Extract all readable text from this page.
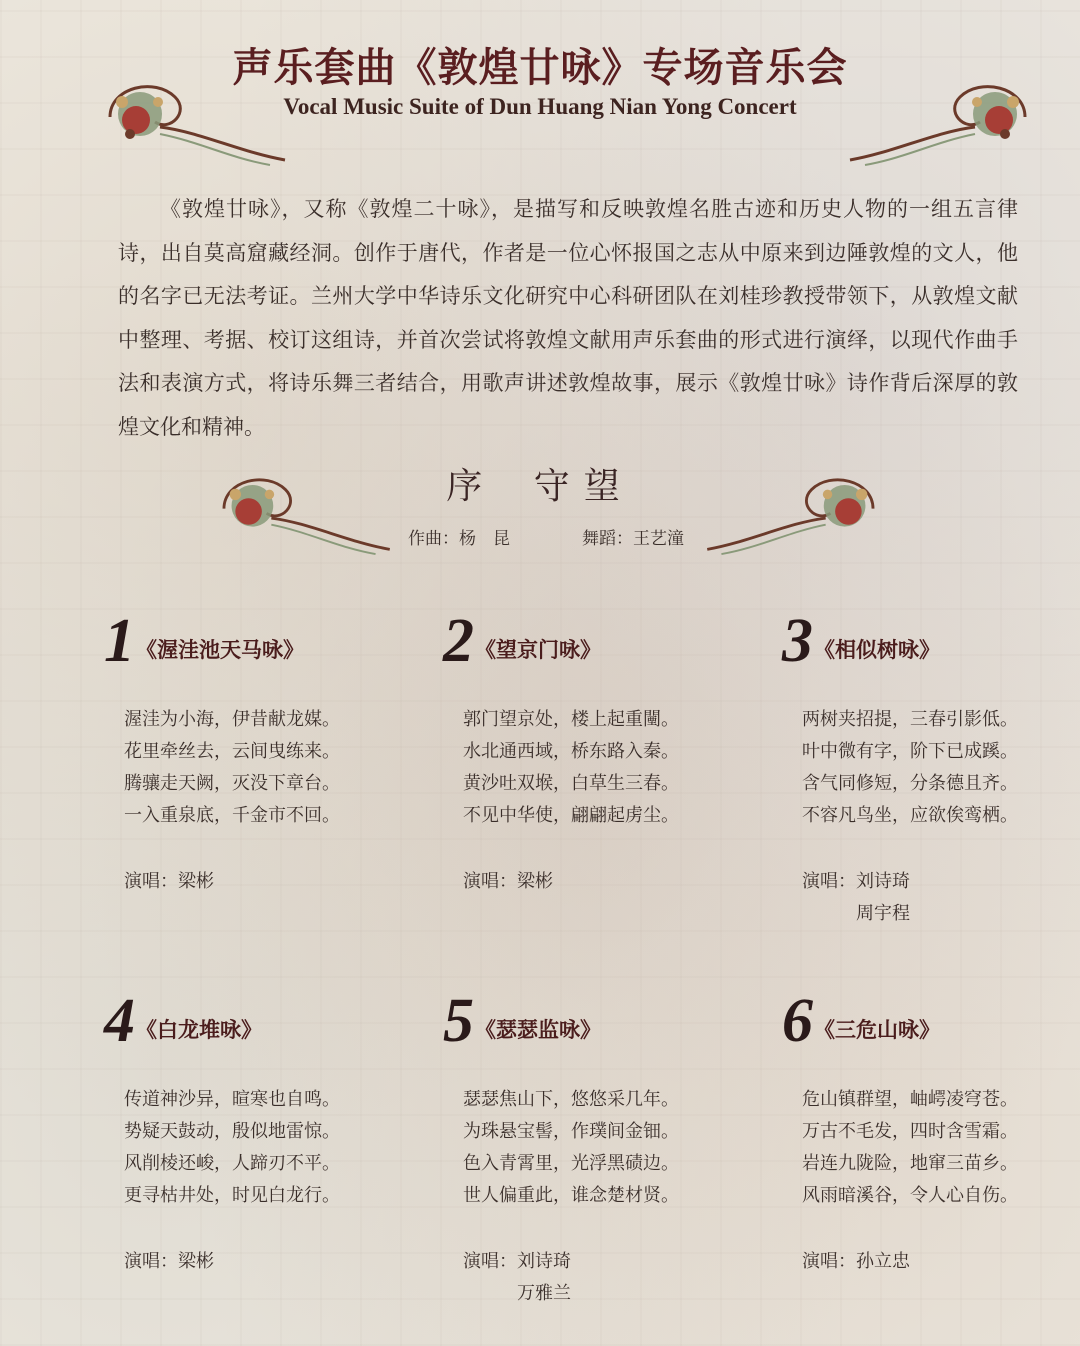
声乐套曲《敦煌廿咏》专场音乐会
Vocal Music Suite of Dun Huang Nian Yong Concert

《敦煌廿咏》，又称《敦煌二十咏》，是描写和反映敦煌名胜古迹和历史人物的一组五言律诗，出自莫高窟藏经洞。创作于唐代，作者是一位心怀报国之志从中原来到边陲敦煌的文人，他的名字已无法考证。兰州大学中华诗乐文化研究中心科研团队在刘桂珍教授带领下，从敦煌文献中整理、考据、校订这组诗，并首次尝试将敦煌文献用声乐套曲的形式进行演绎，以现代作曲手法和表演方式，将诗乐舞三者结合，用歌声讲述敦煌故事，展示《敦煌廿咏》诗作背后深厚的敦煌文化和精神。

序 守望
作曲：杨　昆	舞蹈：王艺潼
1 《渥洼池天马咏》
渥洼为小海，伊昔献龙媒。
花里牵丝去，云间曳练来。
腾骧走天阙，灭没下章台。
一入重泉底，千金市不回。
演唱：梁彬
2 《望京门咏》
郭门望京处，楼上起重闉。
水北通西域，桥东路入秦。
黄沙吐双堠，白草生三春。
不见中华使，翩翩起虏尘。
演唱：梁彬
3 《相似树咏》
两树夹招提，三春引影低。
叶中微有字，阶下已成蹊。
含气同修短，分条德且齐。
不容凡鸟坐，应欲俟鸾栖。
演唱：刘诗琦
周宇程
4 《白龙堆咏》
传道神沙异，暄寒也自鸣。
势疑天鼓动，殷似地雷惊。
风削棱还峻，人蹄刃不平。
更寻枯井处，时见白龙行。
演唱：梁彬
5 《瑟瑟监咏》
瑟瑟焦山下，悠悠采几年。
为珠悬宝髻，作璞间金钿。
色入青霄里，光浮黑碛边。
世人偏重此，谁念楚材贤。
演唱：刘诗琦
万雅兰
6 《三危山咏》
危山镇群望，岫崿凌穹苍。
万古不毛发，四时含雪霜。
岩连九陇险，地窜三苗乡。
风雨暗溪谷，令人心自伤。
演唱：孙立忠
